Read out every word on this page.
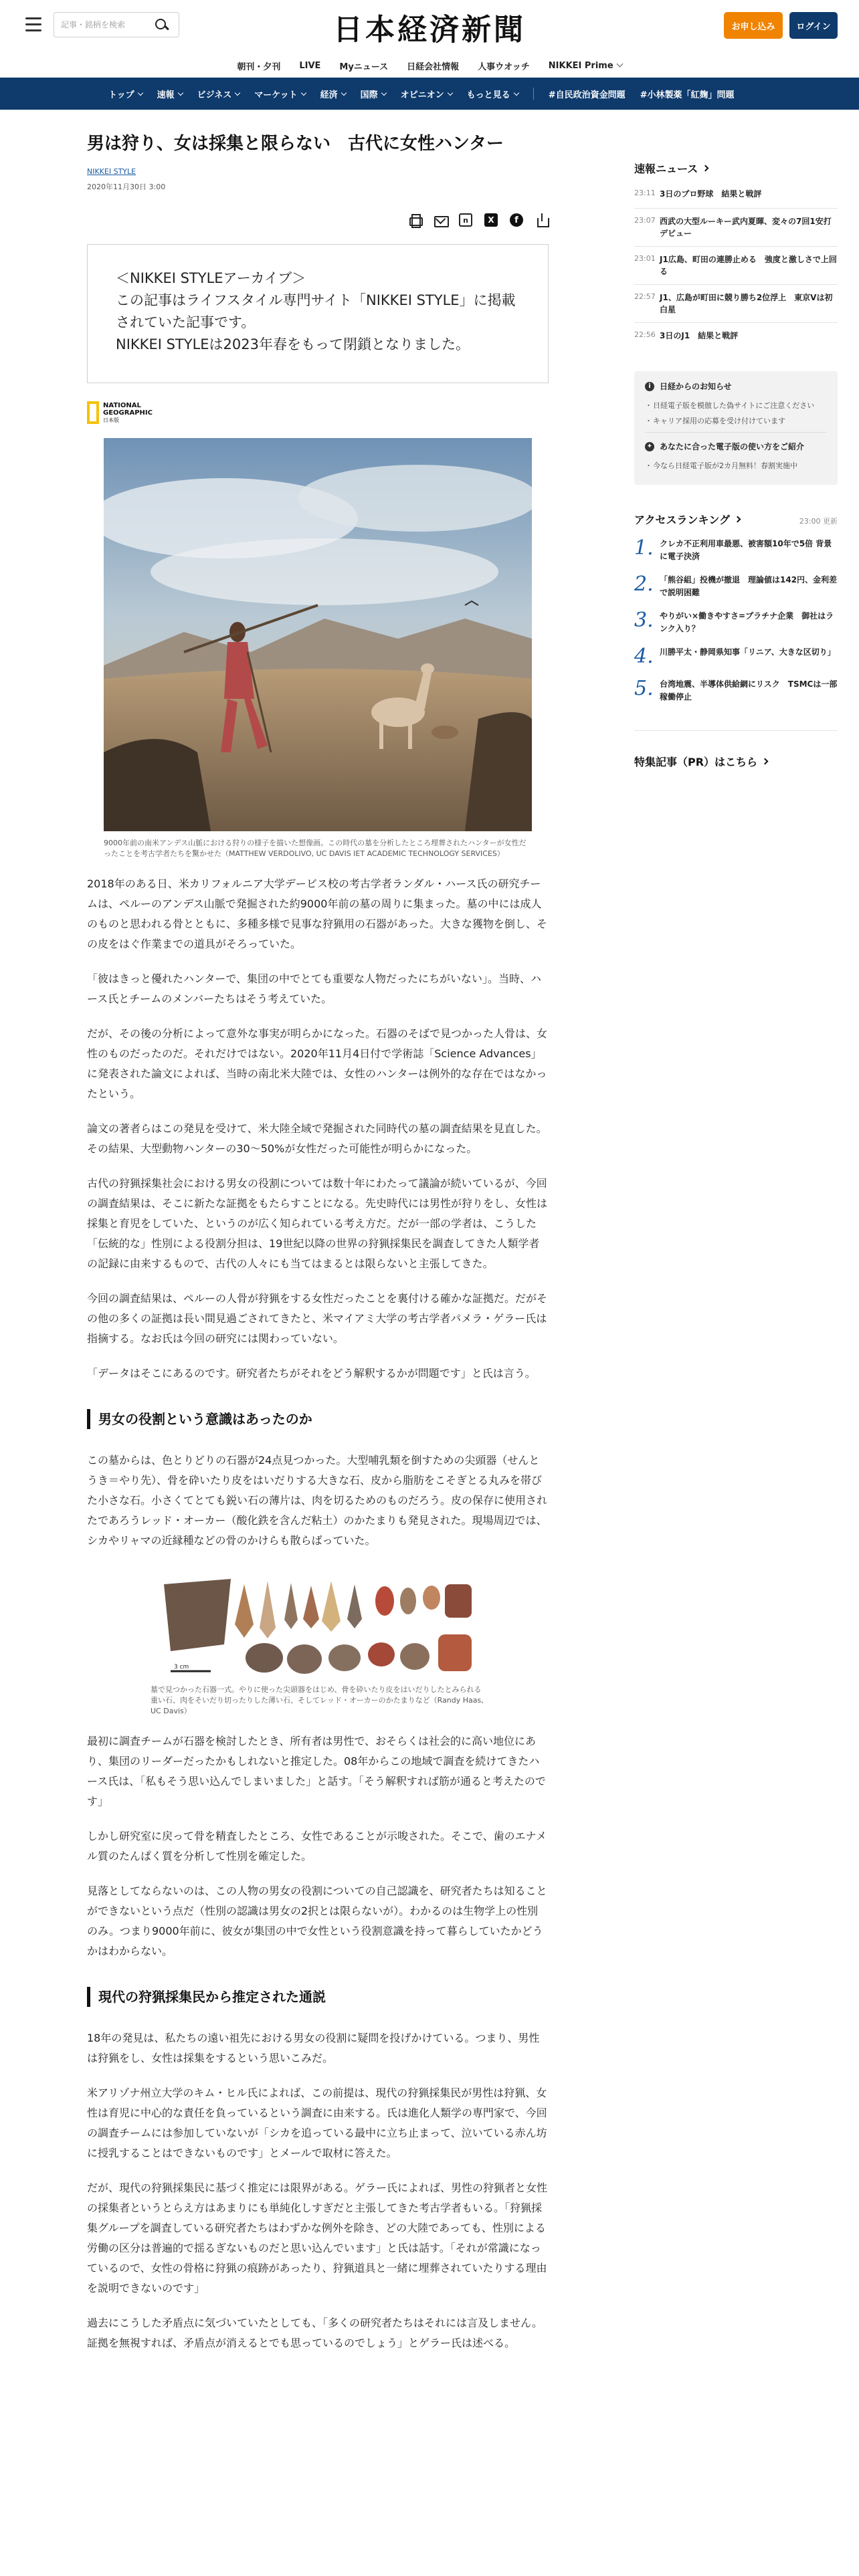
記事・銘柄を検索
日本経済新聞	お申し込み	ログイン
朝刊・夕刊 LIVE Myニュース 日経会社情報 人事ウオッチ NIKKEI Prime
トップ	速報	ビジネス	マーケット	経済	国際	オピニオン	もっと見る	#自民政治資金問題 #小林製薬「紅麹」問題
男は狩り、女は採集と限らない　古代に女性ハンター
NIKKEI STYLE
2020年11月30日 3:00
n	X	f

＜NIKKEI STYLEアーカイブ＞

この記事はライフスタイル専門サイト「NIKKEI STYLE」に掲載されていた記事です。

NIKKEI STYLEは2023年春をもって閉鎖となりました。

NATIONAL
GEOGRAPHIC
日本版
9000年前の南米アンデス山脈における狩りの様子を描いた想像画。この時代の墓を分析したところ埋葬されたハンターが女性だったことを考古学者たちを驚かせた（MATTHEW VERDOLIVO, UC DAVIS IET ACADEMIC TECHNOLOGY SERVICES）

2018年のある日、米カリフォルニア大学デービス校の考古学者ランダル・ハース氏の研究チームは、ペルーのアンデス山脈で発掘された約9000年前の墓の周りに集まった。墓の中には成人のものと思われる骨とともに、多種多様で見事な狩猟用の石器があった。大きな獲物を倒し、その皮をはぐ作業までの道具がそろっていた。

「彼はきっと優れたハンターで、集団の中でとても重要な人物だったにちがいない」。当時、ハース氏とチームのメンバーたちはそう考えていた。

だが、その後の分析によって意外な事実が明らかになった。石器のそばで見つかった人骨は、女性のものだったのだ。それだけではない。2020年11月4日付で学術誌「Science Advances」に発表された論文によれば、当時の南北米大陸では、女性のハンターは例外的な存在ではなかったという。

論文の著者らはこの発見を受けて、米大陸全域で発掘された同時代の墓の調査結果を見直した。その結果、大型動物ハンターの30～50%が女性だった可能性が明らかになった。

古代の狩猟採集社会における男女の役割については数十年にわたって議論が続いているが、今回の調査結果は、そこに新たな証拠をもたらすことになる。先史時代には男性が狩りをし、女性は採集と育児をしていた、というのが広く知られている考え方だ。だが一部の学者は、こうした「伝統的な」性別による役割分担は、19世紀以降の世界の狩猟採集民を調査してきた人類学者の記録に由来するもので、古代の人々にも当てはまるとは限らないと主張してきた。

今回の調査結果は、ペルーの人骨が狩猟をする女性だったことを裏付ける確かな証拠だ。だがその他の多くの証拠は長い間見過ごされてきたと、米マイアミ大学の考古学者パメラ・ゲラー氏は指摘する。なお氏は今回の研究には関わっていない。

「データはそこにあるのです。研究者たちがそれをどう解釈するかが問題です」と氏は言う。

男女の役割という意識はあったのか

この墓からは、色とりどりの石器が24点見つかった。大型哺乳類を倒すための尖頭器（せんとうき＝やり先）、骨を砕いたり皮をはいだりする大きな石、皮から脂肪をこそぎとる丸みを帯びた小さな石。小さくてとても鋭い石の薄片は、肉を切るためのものだろう。皮の保存に使用されたであろうレッド・オーカー（酸化鉄を含んだ粘土）のかたまりも発見された。現場周辺では、シカやリャマの近縁種などの骨のかけらも散らばっていた。

3 cm
墓で見つかった石器一式。やりに使った尖頭器をはじめ、骨を砕いたり皮をはいだりしたとみられる重い石、肉をそいだり切ったりした薄い石、そしてレッド・オーカーのかたまりなど（Randy Haas, UC Davis）

最初に調査チームが石器を検討したとき、所有者は男性で、おそらくは社会的に高い地位にあり、集団のリーダーだったかもしれないと推定した。08年からこの地域で調査を続けてきたハース氏は、「私もそう思い込んでしまいました」と話す。「そう解釈すれば筋が通ると考えたのです」

しかし研究室に戻って骨を精査したところ、女性であることが示唆された。そこで、歯のエナメル質のたんぱく質を分析して性別を確定した。

見落としてならないのは、この人物の男女の役割についての自己認識を、研究者たちは知ることができないという点だ（性別の認識は男女の2択とは限らないが）。わかるのは生物学上の性別のみ。つまり9000年前に、彼女が集団の中で女性という役割意識を持って暮らしていたかどうかはわからない。

現代の狩猟採集民から推定された通説

18年の発見は、私たちの遠い祖先における男女の役割に疑問を投げかけている。つまり、男性は狩猟をし、女性は採集をするという思いこみだ。

米アリゾナ州立大学のキム・ヒル氏によれば、この前提は、現代の狩猟採集民が男性は狩猟、女性は育児に中心的な責任を負っているという調査に由来する。氏は進化人類学の専門家で、今回の調査チームには参加していないが「シカを追っている最中に立ち止まって、泣いている赤ん坊に授乳することはできないものです」とメールで取材に答えた。

だが、現代の狩猟採集民に基づく推定には限界がある。ゲラー氏によれば、男性の狩猟者と女性の採集者というとらえ方はあまりにも単純化しすぎだと主張してきた考古学者もいる。「狩猟採集グループを調査している研究者たちはわずかな例外を除き、どの大陸であっても、性別による労働の区分は普遍的で揺るぎないものだと思い込んでいます」と氏は話す。「それが常識になっているので、女性の骨格に狩猟の痕跡があったり、狩猟道具と一緒に埋葬されていたりする理由を説明できないのです」

過去にこうした矛盾点に気づいていたとしても、「多くの研究者たちはそれには言及しません。証拠を無視すれば、矛盾点が消えるとでも思っているのでしょう」とゲラー氏は述べる。

速報ニュース
23:11 3日のプロ野球　結果と戦評
23:07 西武の大型ルーキー武内夏暉、変々の7回1安打デビュー
23:01 J1広島、町田の連勝止める　強度と激しさで上回る
22:57 J1、広島が町田に競り勝ち2位浮上　東京Vは初白星
22:56 3日のJ1　結果と戦評
i	日経からのお知らせ
・ 日経電子版を模倣した偽サイトにご注意ください
・ キャリア採用の応募を受け付けています
✦ あなたに合った電子版の使い方をご紹介
・ 今なら日経電子版が2カ月無料！春割実施中
アクセスランキング	23:00 更新
1. クレカ不正利用車最悪、被害額10年で5倍 背景に電子決済
2. 「熊谷組」投機が撤退　理論値は142円、金利差で説明困難
3. やりがい×働きやすさ=プラチナ企業　御社はランク入り？
4. 川勝平太・静岡県知事「リニア、大きな区切り」
5. 台湾地震、半導体供給網にリスク　TSMCは一部稼働停止
特集記事（PR）はこちら
